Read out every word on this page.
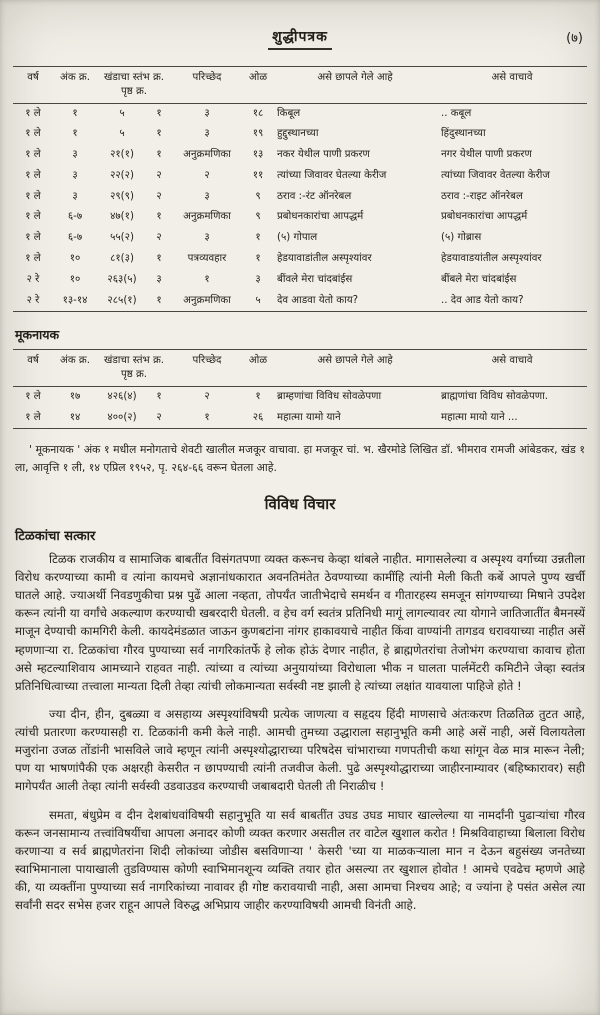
शुद्धीपत्रक	(७)
वर्ष	अंक क्र.	खंडाचा स्तंभ क्र.
पृष्ठ क्र.		परिच्छेद	ओळ	असे छापले गेले आहे	असे वाचावे
१ ले	१	५	१	३	१८	किबूल	.. कबूल
१ ले	१	५	१	३	१९	हुद्दुस्थानच्या	हिंदुस्थानच्या
१ ले	३	२१(१)	१	अनुक्रमणिका	१३	नकर येथील पाणी प्रकरण	नगर येथील पाणी प्रकरण
१ ले	३	२२(२)	२	२	११	त्यांच्या जिवावर घेतल्या केरीज	त्यांच्या जिवावर वेतल्या केरीज
१ ले	३	२९(९)	२	३	९	ठराव :-रंट ऑनरेबल	ठराव :-राइट ऑनरेबल
१ ले	६-७	४७(१)	१	अनुक्रमणिका	९	प्रबोधनकारांचा आपद्धर्म	प्रबोधनकारांचा आपद्धर्म
१ ले	६-७	५५(२)	२	३	१	(५) गोपाल	(५) गोब्रास
१ ले	१०	८१(३)	१	पत्रव्यवहार	१	हेडयावाडांतील अस्पृश्यांवर	हेडयावाडयांतील अस्पृश्यांवर
२ रे	१०	२६३(५)	३	१	३	बींवले मेरा चांदबांईस	बींबले मेरा चांदबांईस
२ रे	१३-१४	२८५(१)	१	अनुक्रमणिका	५	देव आडवा येतो काय?	.. देव आड येतो काय?
मूकनायक
वर्ष	अंक क्र.	खंडाचा स्तंभ क्र.
पृष्ठ क्र.		परिच्छेद	ओळ	असे छापले गेले आहे	असे वाचावे
१ ले	१७	४२६(४)	१	२	१	ब्राम्हणांचा विविध सोवळेपणा	ब्राह्मणांचा विविध सोवळेपणा.
१ ले	१४	४००(२)	२	१	२६	महात्मा यामो याने	महात्मा मायो याने ...

' मूकनायक ' अंक १ मधील मनोगताचे शेवटी खालील मजकूर वाचावा. हा मजकूर चां. भ. खैरमोडे लिखित डॉ. भीमराव रामजी आंबेडकर, खंड १ ला, आवृत्ति १ ली, १४ एप्रिल १९५२, पृ. २६४-६६ वरून घेतला आहे.

विविध विचार
टिळकांचा सत्कार

टिळक राजकीय व सामाजिक बाबतींत विसंगतपणा व्यक्त करूनच केव्हा थांबले नाहीत. मागासलेल्या व अस्पृश्य वर्गाच्या उन्नतीला विरोध करण्याच्या कामी व त्यांना कायमचे अज्ञानांधकारात अवनतिमंतेत ठेवण्याच्या कामींहि त्यांनी मेली किती कबें आपले पुण्य खर्ची घातले आहे. ज्याअर्थी निवडणुकीचा प्रश्न पुढें आला नव्हता, तोपर्यंत जातीभेदाचे समर्थन व गीतारहस्य समजून सांगण्याच्या मिषाने उपदेश करून त्यांनी या वर्गांचे अकल्याण करण्याची खबरदारी घेतली. व हेच वर्ग स्वतंत्र प्रतिनिधी मागूं लागल्यावर त्या योगाने जातिजातींत बैमनस्यें माजून देण्याची कामगिरी केली. कायदेमंडळात जाऊन कुणबटांना नांगर हाकावयाचे नाहीत किंवा वाण्यांनी तागडव धरावयाच्या नाहीत असें म्हणणाऱ्या रा. टिळकांचा गौरव पुण्याच्या सर्व नागरिकांतर्फे हे लोक होऊं देणार नाहीत, हे ब्राह्मणेतरांचा तेजोभंग करण्याचा कावाच होता असे म्हटल्याशिवाय आमच्याने राहवत नाही. त्यांच्या व त्यांच्या अनुयायांच्या विरोधाला भीक न घालता पार्लमेंटरी कमिटीने जेव्हा स्वतंत्र प्रतिनिधित्वाच्या तत्त्वाला मान्यता दिली तेव्हा त्यांची लोकमान्यता सर्वस्वी नष्ट झाली हे त्यांच्या लक्षांत यावयाला पाहिजे होते !

ज्या दीन, हीन, दुबळ्या व असहाय्य अस्पृश्यांविषयी प्रत्येक जाणत्या व सहृदय हिंदी माणसाचे अंतःकरण तिळतिळ तुटत आहे, त्यांची प्रतारणा करण्यासही रा. टिळकांनी कमी केले नाही. आमची तुमच्या उद्धाराला सहानुभूति कमी आहे असें नाही, असें विलायतेला मजुरांना उजळ तोंडांनी भासविले जावे म्हणून त्यांनी अस्पृश्योद्धाराच्या परिषदेस चांभाराच्या गणपतीची कथा सांगून वेळ मात्र मारून नेली; पण या भाषणांपैकी एक अक्षरही केसरीत न छापण्याची त्यांनी तजवीज केली. पुढे अस्पृश्योद्धाराच्या जाहीरनाम्यावर (बहिष्कारावर) सही मागेपर्यंत आली तेव्हा त्यांनी सर्वस्वी उडवाउडव करण्याची जबाबदारी घेतली ती निराळीच !

समता, बंधुप्रेम व दीन देशबांधवांविषयी सहानुभूति या सर्व बाबतींत उघड उघड माघार खाल्लेल्या या नामर्दांनी पुढाऱ्यांचा गौरव करून जनसामान्य तत्त्वांविषयींचा आपला अनादर कोणी व्यक्त करणार असतील तर वाटेल खुशाल करोत ! मिश्रविवाहाच्या बिलाला विरोध करणाऱ्या व सर्व ब्राह्मणेतरांना शिदी लोकांच्या जोडीस बसविणाऱ्या ' केसरी 'च्या या माळकऱ्याला मान न देऊन बहुसंख्य जनतेच्या स्वाभिमानाला पायाखाली तुडविण्यास कोणी स्वाभिमानशून्य व्यक्ति तयार होत असल्या तर खुशाल होवोत ! आमचे एवढेच म्हणणे आहे की, या व्यक्तींना पुण्याच्या सर्व नागरिकांच्या नावावर ही गोष्ट करावयाची नाही, असा आमचा निश्चय आहे; व ज्यांना हे पसंत असेल त्या सर्वांनी सदर सभेस हजर राहून आपले विरुद्ध अभिप्राय जाहीर करण्याविषयी आमची विनंती आहे.
